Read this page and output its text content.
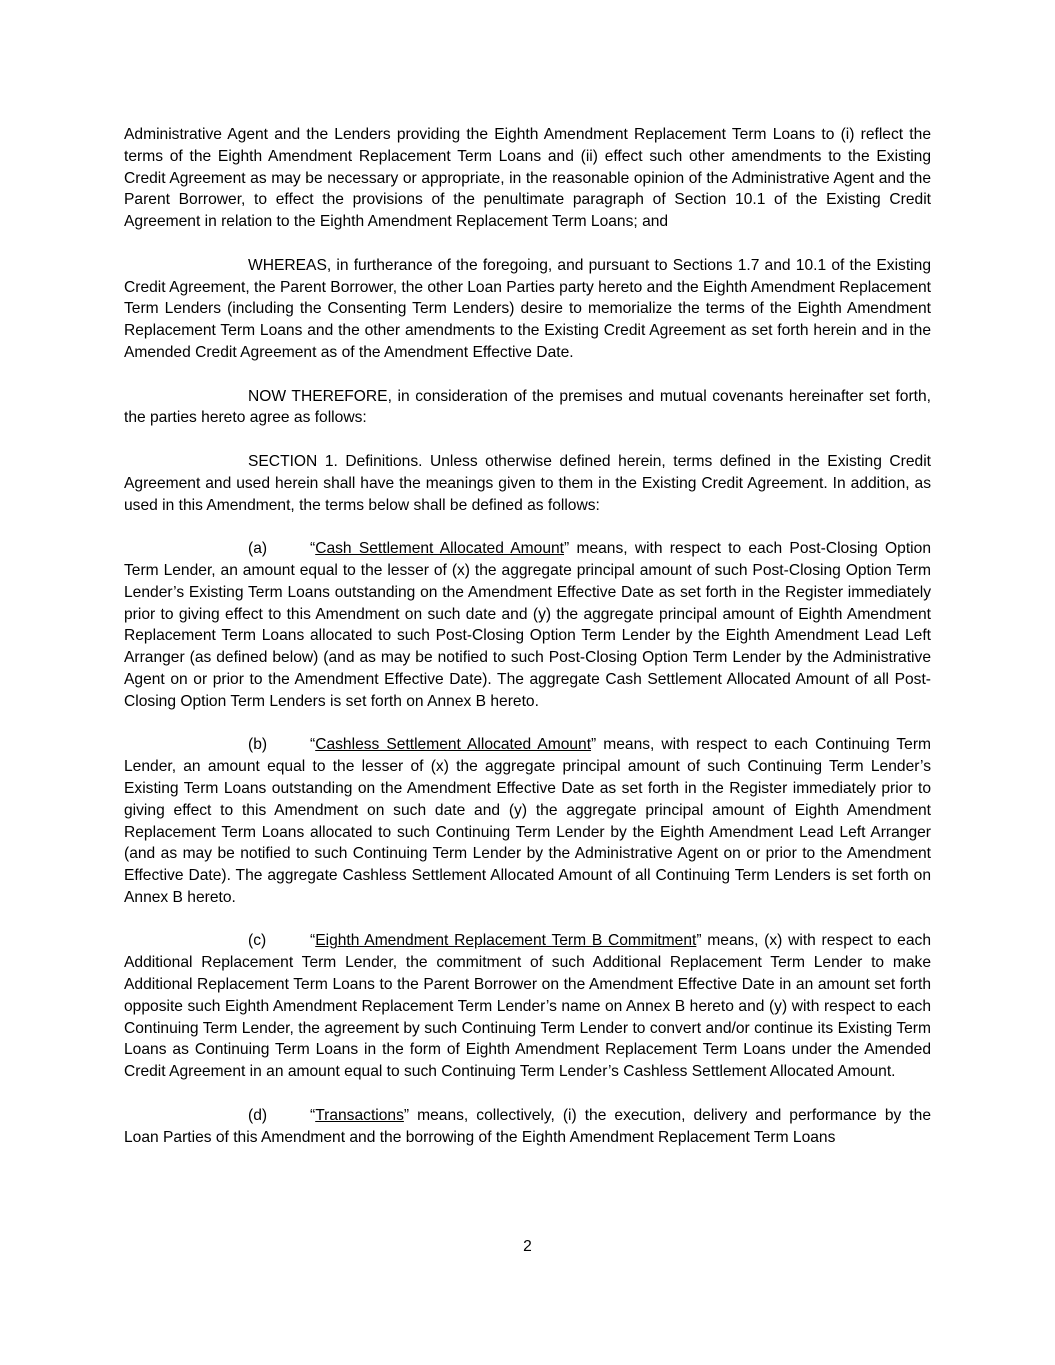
Administrative Agent and the Lenders providing the Eighth Amendment Replacement Term Loans to (i) reflect the terms of the Eighth Amendment Replacement Term Loans and (ii) effect such other amendments to the Existing Credit Agreement as may be necessary or appropriate, in the reasonable opinion of the Administrative Agent and the Parent Borrower, to effect the provisions of the penultimate paragraph of Section 10.1 of the Existing Credit Agreement in relation to the Eighth Amendment Replacement Term Loans; and

WHEREAS, in furtherance of the foregoing, and pursuant to Sections 1.7 and 10.1 of the Existing Credit Agreement, the Parent Borrower, the other Loan Parties party hereto and the Eighth Amendment Replacement Term Lenders (including the Consenting Term Lenders) desire to memorialize the terms of the Eighth Amendment Replacement Term Loans and the other amendments to the Existing Credit Agreement as set forth herein and in the Amended Credit Agreement as of the Amendment Effective Date.

NOW THEREFORE, in consideration of the premises and mutual covenants hereinafter set forth, the parties hereto agree as follows:

SECTION 1. Definitions. Unless otherwise defined herein, terms defined in the Existing Credit Agreement and used herein shall have the meanings given to them in the Existing Credit Agreement. In addition, as used in this Amendment, the terms below shall be defined as follows:

(a)	“Cash Settlement Allocated Amount” means, with respect to each Post-Closing Option Term Lender, an amount equal to the lesser of (x) the aggregate principal amount of such Post-Closing Option Term Lender’s Existing Term Loans outstanding on the Amendment Effective Date as set forth in the Register immediately prior to giving effect to this Amendment on such date and (y) the aggregate principal amount of Eighth Amendment Replacement Term Loans allocated to such Post-Closing Option Term Lender by the Eighth Amendment Lead Left Arranger (as defined below) (and as may be notified to such Post-Closing Option Term Lender by the Administrative Agent on or prior to the Amendment Effective Date). The aggregate Cash Settlement Allocated Amount of all Post-Closing Option Term Lenders is set forth on Annex B hereto.

(b)	“Cashless Settlement Allocated Amount” means, with respect to each Continuing Term Lender, an amount equal to the lesser of (x) the aggregate principal amount of such Continuing Term Lender’s Existing Term Loans outstanding on the Amendment Effective Date as set forth in the Register immediately prior to giving effect to this Amendment on such date and (y) the aggregate principal amount of Eighth Amendment Replacement Term Loans allocated to such Continuing Term Lender by the Eighth Amendment Lead Left Arranger (and as may be notified to such Continuing Term Lender by the Administrative Agent on or prior to the Amendment Effective Date). The aggregate Cashless Settlement Allocated Amount of all Continuing Term Lenders is set forth on Annex B hereto.

(c)	“Eighth Amendment Replacement Term B Commitment” means, (x) with respect to each Additional Replacement Term Lender, the commitment of such Additional Replacement Term Lender to make Additional Replacement Term Loans to the Parent Borrower on the Amendment Effective Date in an amount set forth opposite such Eighth Amendment Replacement Term Lender’s name on Annex B hereto and (y) with respect to each Continuing Term Lender, the agreement by such Continuing Term Lender to convert and/or continue its Existing Term Loans as Continuing Term Loans in the form of Eighth Amendment Replacement Term Loans under the Amended Credit Agreement in an amount equal to such Continuing Term Lender’s Cashless Settlement Allocated Amount.

(d)	“Transactions” means, collectively, (i) the execution, delivery and performance by the Loan Parties of this Amendment and the borrowing of the Eighth Amendment Replacement Term Loans

2
